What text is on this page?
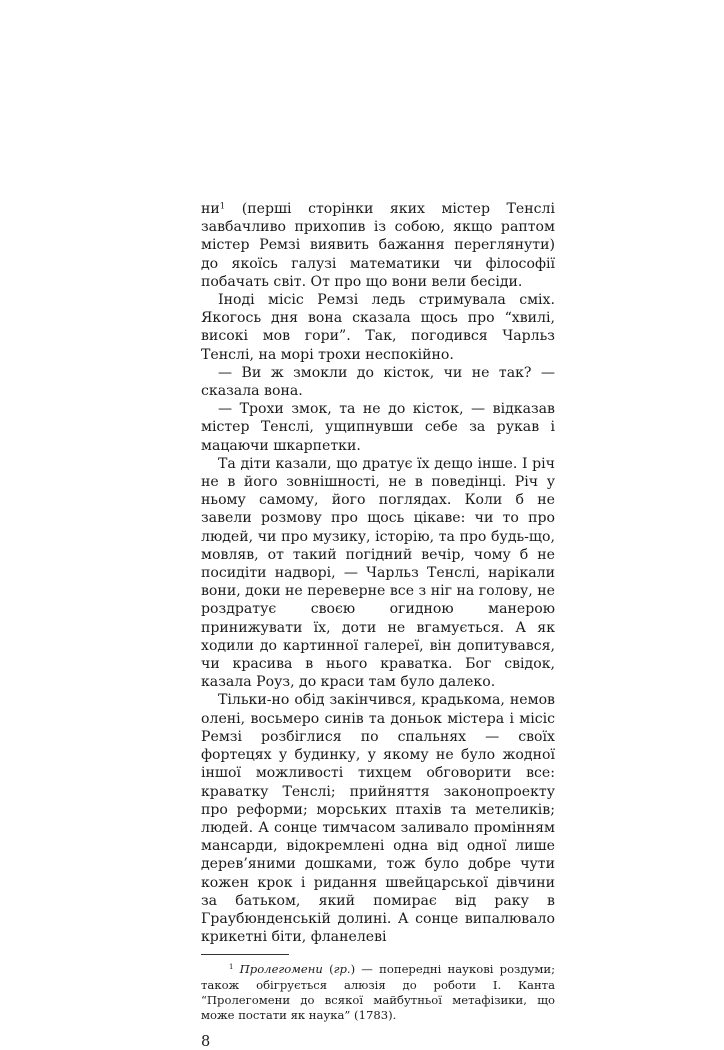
$ни^1$ (перші сторінки яких містер Тенслі завбачливо прихопив із собою, якщо раптом містер Ремзі виявить бажання переглянути) до якоїсь галузі математики чи філософії побачать світ. От про що вони вели бесіди.

Іноді місіс Ремзі ледь стримувала сміх. Якогось дня вона сказала щось про “хвилі, високі мов гори”. Так, погодився Чарльз Тенслі, на морі трохи неспокійно.

— Ви ж змокли до кісток, чи не так? — сказала вона.

— Трохи змок, та не до кісток, — відказав містер Тенслі, ущипнувши себе за рукав і мацаючи шкарпетки.

Та діти казали, що дратує їх дещо інше. І річ не в його зовнішності, не в поведінці. Річ у ньому самому, його поглядах. Коли б не завели розмову про щось цікаве: чи то про людей, чи про музику, історію, та про будь-що, мовляв, от такий погідний вечір, чому б не посидіти надворі, — Чарльз Тенслі, нарікали вони, доки не переверне все з ніг на голову, не роздратує своєю огидною манерою принижувати їх, доти не вгамується. А як ходили до картинної галереї, він допитувався, чи красива в нього краватка. Бог свідок, казала Роуз, до краси там було далеко.

Тільки-но обід закінчився, крадькома, немов олені, восьмеро синів та доньок містера і місіс Ремзі розбіглися по спальнях — своїх фортецях у будинку, у якому не було жодної іншої можливості тихцем обговорити все: краватку Тенслі; прийняття законопроекту про реформи; морських птахів та метеликів; людей. А сонце тимчасом заливало промінням мансарди, відокремлені одна від одної лише дерев’яними дошками, тож було добре чути кожен крок і ридання швейцарської дівчини за батьком, який помирає від раку в Граубюнденській долині. А сонце випалювало крикетні біти, фланелеві

$^1$ Пролегомени (гр.) — попередні наукові роздуми; також обігрується алюзія до роботи І. Канта “Пролегомени до всякої майбутньої метафізики, що може постати як наука” (1783).

8
